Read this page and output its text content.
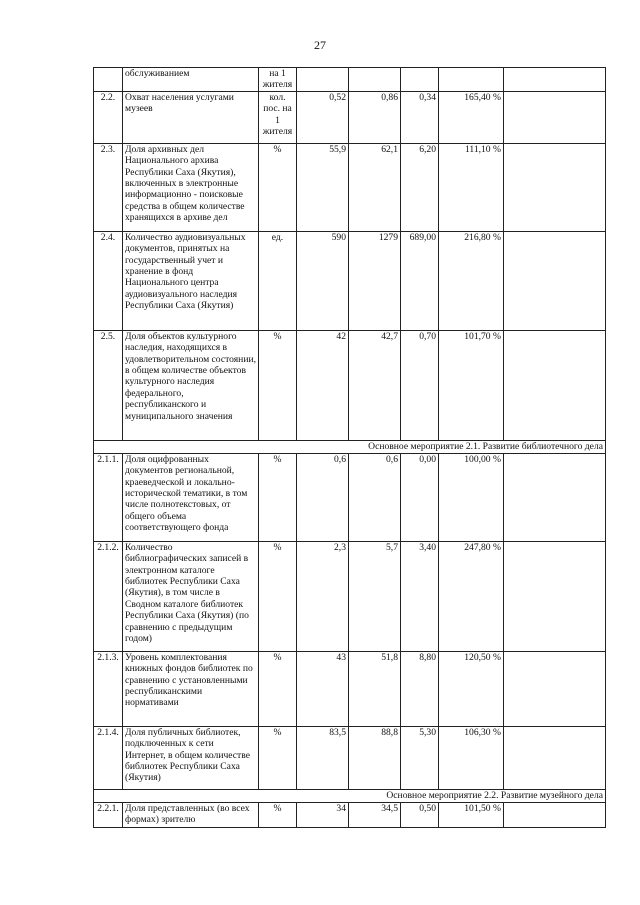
27
	обслуживанием	на 1 жителя					
2.2.	Охват населения услугами музеев	кол. пос. на 1 жителя	0,52	0,86	0,34	165,40 %	
2.3.	Доля архивных дел Национального архива Республики Саха (Якутия), включенных в электронные информационно - поисковые средства в общем количестве хранящихся в архиве дел	%	55,9	62,1	6,20	111,10 %	
2.4.	Количество аудиовизуальных документов, принятых на государственный учет и хранение в фонд Национального центра аудиовизуального наследия Республики Саха (Якутия)	ед.	590	1279	689,00	216,80 %	
2.5.	Доля объектов культурного наследия, находящихся в удовлетворительном состоянии, в общем количестве объектов культурного наследия федерального, республиканского и муниципального значения	%	42	42,7	0,70	101,70 %	
Основное мероприятие 2.1. Развитие библиотечного дела							
2.1.1.	Доля оцифрованных документов региональной, краеведческой и локально-исторической тематики, в том числе полнотекстовых, от общего объема соответствующего фонда	%	0,6	0,6	0,00	100,00 %	
2.1.2.	Количество библиографических записей в электронном каталоге библиотек Республики Саха (Якутия), в том числе в Сводном каталоге библиотек Республики Саха (Якутия) (по сравнению с предыдущим годом)	%	2,3	5,7	3,40	247,80 %	
2.1.3.	Уровень комплектования книжных фондов библиотек по сравнению с установленными республиканскими нормативами	%	43	51,8	8,80	120,50 %	
2.1.4.	Доля публичных библиотек, подключенных к сети Интернет, в общем количестве библиотек Республики Саха (Якутия)	%	83,5	88,8	5,30	106,30 %	
Основное мероприятие 2.2. Развитие музейного дела							
2.2.1.	Доля представленных (во всех формах) зрителю	%	34	34,5	0,50	101,50 %	
